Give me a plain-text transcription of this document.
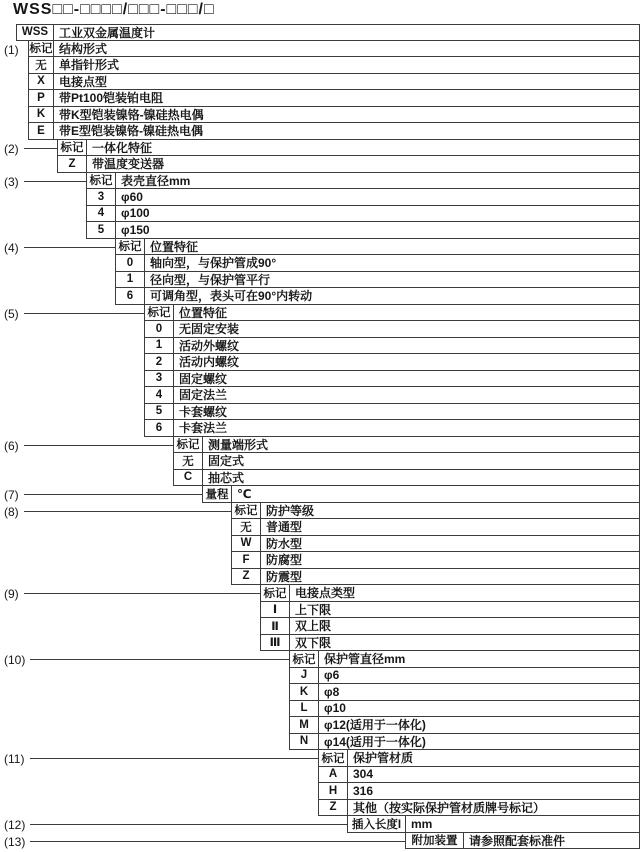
WSS□□-□□□□/□□□-□□□/□
WSS 工业双金属温度计
(1) 标记 结构形式
无	单指针形式
X	电接点型
P	带Pt100铠装铂电阻
K	带K型铠装镍铬-镍硅热电偶
E	带E型铠装镍铬-镍硅热电偶
(2)	标记 一体化特征
Z	带温度变送器
(3)	标记 表壳直径mm
3	φ60
4	φ100
5	φ150
(4)	标记 位置特征
0	轴向型，与保护管成90°
1	径向型，与保护管平行
6	可调角型，表头可在90°内转动
(5)	标记 位置特征
0	无固定安装
1	活动外螺纹
2	活动内螺纹
3	固定螺纹
4	固定法兰
5	卡套螺纹
6	卡套法兰
(6)	标记 测量端形式
无	固定式
C	抽芯式
(7)	量程 ℃
(8)	标记 防护等级
无	普通型
W	防水型
F	防腐型
Z	防震型
(9)	标记 电接点类型
Ⅰ	上下限
Ⅱ	双上限
Ⅲ	双下限
(10)	标记 保护管直径mm
J	φ6
K	φ8
L	φ10
M	φ12(适用于一体化)
N	φ14(适用于一体化)
(11)	标记 保护管材质
A	304
H	316
Z	其他（按实际保护管材质牌号标记）
(12)	插入长度I mm
(13)	附加装置 请参照配套标准件
